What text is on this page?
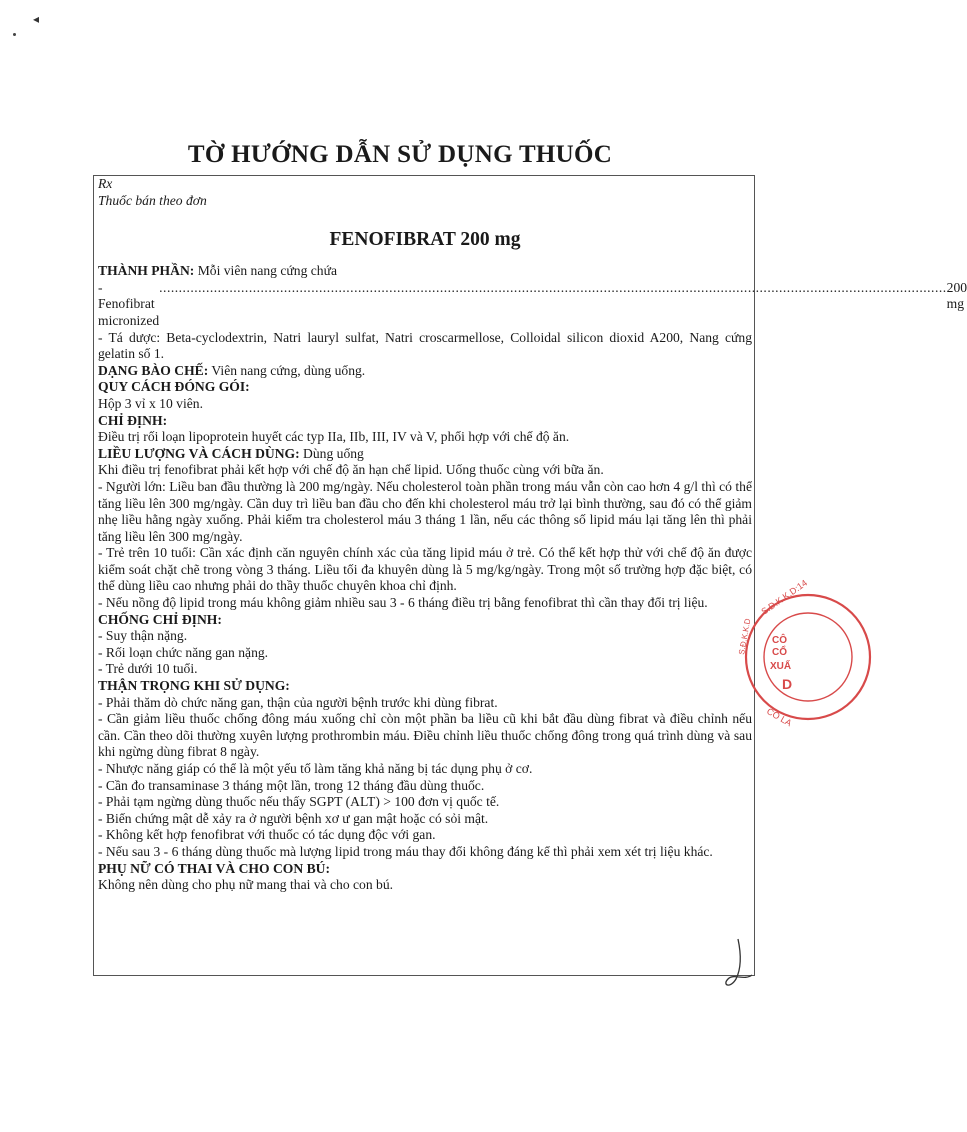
◂
TỜ HƯỚNG DẪN SỬ DỤNG THUỐC
Rx
Thuốc bán theo đơn
FENOFIBRAT 200 mg

THÀNH PHẦN: Mỗi viên nang cứng chứa

- Fenofibrat micronized
.......................................................................................................................................................................................................... 200 mg

- Tá dược: Beta-cyclodextrin, Natri lauryl sulfat, Natri croscarmellose, Colloidal silicon dioxid A200, Nang cứng gelatin số 1.

DẠNG BÀO CHẾ: Viên nang cứng, dùng uống.

QUY CÁCH ĐÓNG GÓI:

Hộp 3 vỉ x 10 viên.

CHỈ ĐỊNH:

Điều trị rối loạn lipoprotein huyết các typ IIa, IIb, III, IV và V, phối hợp với chế độ ăn.

LIỀU LƯỢNG VÀ CÁCH DÙNG: Dùng uống

Khi điều trị fenofibrat phải kết hợp với chế độ ăn hạn chế lipid. Uống thuốc cùng với bữa ăn.

- Người lớn: Liều ban đầu thường là 200 mg/ngày. Nếu cholesterol toàn phần trong máu vẫn còn cao hơn 4 g/l thì có thể tăng liều lên 300 mg/ngày. Cần duy trì liều ban đầu cho đến khi cholesterol máu trở lại bình thường, sau đó có thể giảm nhẹ liều hằng ngày xuống. Phải kiểm tra cholesterol máu 3 tháng 1 lần, nếu các thông số lipid máu lại tăng lên thì phải tăng liều lên 300 mg/ngày.

- Trẻ trên 10 tuổi: Cần xác định căn nguyên chính xác của tăng lipid máu ở trẻ. Có thể kết hợp thử với chế độ ăn được kiểm soát chặt chẽ trong vòng 3 tháng. Liều tối đa khuyên dùng là 5 mg/kg/ngày. Trong một số trường hợp đặc biệt, có thể dùng liều cao nhưng phải do thầy thuốc chuyên khoa chỉ định.

- Nếu nồng độ lipid trong máu không giảm nhiều sau 3 - 6 tháng điều trị bằng fenofibrat thì cần thay đổi trị liệu.

CHỐNG CHỈ ĐỊNH:

- Suy thận nặng.

- Rối loạn chức năng gan nặng.

- Trẻ dưới 10 tuổi.

THẬN TRỌNG KHI SỬ DỤNG:

- Phải thăm dò chức năng gan, thận của người bệnh trước khi dùng fibrat.

- Cần giảm liều thuốc chống đông máu xuống chỉ còn một phần ba liều cũ khi bắt đầu dùng fibrat và điều chỉnh nếu cần. Cần theo dõi thường xuyên lượng prothrombin máu. Điều chỉnh liều thuốc chống đông trong quá trình dùng và sau khi ngừng dùng fibrat 8 ngày.

- Nhược năng giáp có thể là một yếu tố làm tăng khả năng bị tác dụng phụ ở cơ.

- Cần đo transaminase 3 tháng một lần, trong 12 tháng đầu dùng thuốc.

- Phải tạm ngừng dùng thuốc nếu thấy SGPT (ALT) > 100 đơn vị quốc tế.

- Biến chứng mật dễ xảy ra ở người bệnh xơ ư gan mật hoặc có sỏi mật.

- Không kết hợp fenofibrat với thuốc có tác dụng độc với gan.

- Nếu sau 3 - 6 tháng dùng thuốc mà lượng lipid trong máu thay đổi không đáng kể thì phải xem xét trị liệu khác.

PHỤ NỮ CÓ THAI VÀ CHO CON BÚ:

Không nên dùng cho phụ nữ mang thai và cho con bú.

S.Đ.K.K.D:14
CÔ
CỔ
XUẤ
D
S.Đ.K.K.D
CỔ LA
